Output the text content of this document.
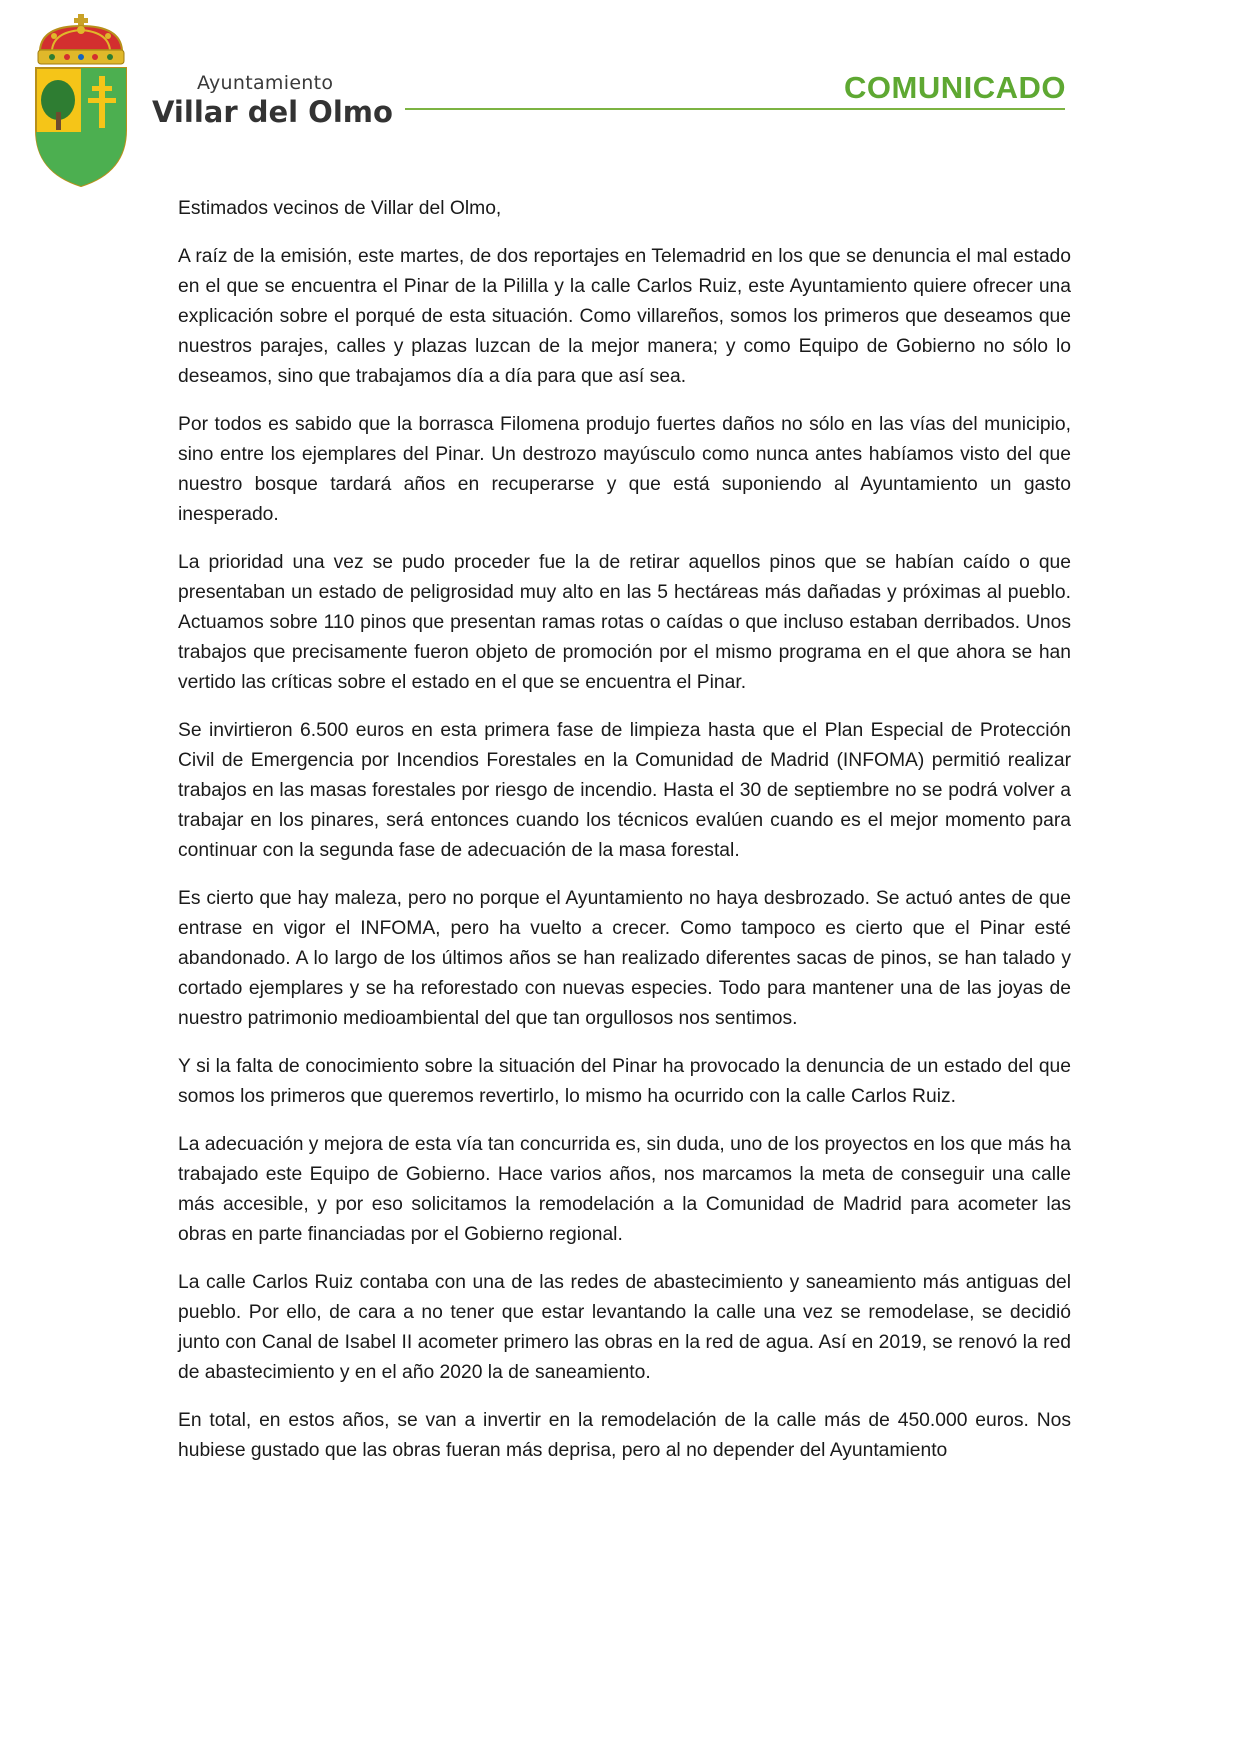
Ayuntamiento
Villar del Olmo
COMUNICADO

Estimados vecinos de Villar del Olmo,

A raíz de la emisión, este martes, de dos reportajes en Telemadrid en los que se denuncia el mal estado en el que se encuentra el Pinar de la Pililla y la calle Carlos Ruiz, este Ayuntamiento quiere ofrecer una explicación sobre el porqué de esta situación. Como villareños, somos los primeros que deseamos que nuestros parajes, calles y plazas luzcan de la mejor manera; y como Equipo de Gobierno no sólo lo deseamos, sino que trabajamos día a día para que así sea.

Por todos es sabido que la borrasca Filomena produjo fuertes daños no sólo en las vías del municipio, sino entre los ejemplares del Pinar. Un destrozo mayúsculo como nunca antes habíamos visto del que nuestro bosque tardará años en recuperarse y que está suponiendo al Ayuntamiento un gasto inesperado.

La prioridad una vez se pudo proceder fue la de retirar aquellos pinos que se habían caído o que presentaban un estado de peligrosidad muy alto en las 5 hectáreas más dañadas y próximas al pueblo. Actuamos sobre 110 pinos que presentan ramas rotas o caídas o que incluso estaban derribados. Unos trabajos que precisamente fueron objeto de promoción por el mismo programa en el que ahora se han vertido las críticas sobre el estado en el que se encuentra el Pinar.

Se invirtieron 6.500 euros en esta primera fase de limpieza hasta que el Plan Especial de Protección Civil de Emergencia por Incendios Forestales en la Comunidad de Madrid (INFOMA) permitió realizar trabajos en las masas forestales por riesgo de incendio. Hasta el 30 de septiembre no se podrá volver a trabajar en los pinares, será entonces cuando los técnicos evalúen cuando es el mejor momento para continuar con la segunda fase de adecuación de la masa forestal.

Es cierto que hay maleza, pero no porque el Ayuntamiento no haya desbrozado. Se actuó antes de que entrase en vigor el INFOMA, pero ha vuelto a crecer. Como tampoco es cierto que el Pinar esté abandonado. A lo largo de los últimos años se han realizado diferentes sacas de pinos, se han talado y cortado ejemplares y se ha reforestado con nuevas especies. Todo para mantener una de las joyas de nuestro patrimonio medioambiental del que tan orgullosos nos sentimos.

Y si la falta de conocimiento sobre la situación del Pinar ha provocado la denuncia de un estado del que somos los primeros que queremos revertirlo, lo mismo ha ocurrido con la calle Carlos Ruiz.

La adecuación y mejora de esta vía tan concurrida es, sin duda, uno de los proyectos en los que más ha trabajado este Equipo de Gobierno. Hace varios años, nos marcamos la meta de conseguir una calle más accesible, y por eso solicitamos la remodelación a la Comunidad de Madrid para acometer las obras en parte financiadas por el Gobierno regional.

La calle Carlos Ruiz contaba con una de las redes de abastecimiento y saneamiento más antiguas del pueblo. Por ello, de cara a no tener que estar levantando la calle una vez se remodelase, se decidió junto con Canal de Isabel II acometer primero las obras en la red de agua. Así en 2019, se renovó la red de abastecimiento y en el año 2020 la de saneamiento.

En total, en estos años, se van a invertir en la remodelación de la calle más de 450.000 euros. Nos hubiese gustado que las obras fueran más deprisa, pero al no depender del Ayuntamiento
